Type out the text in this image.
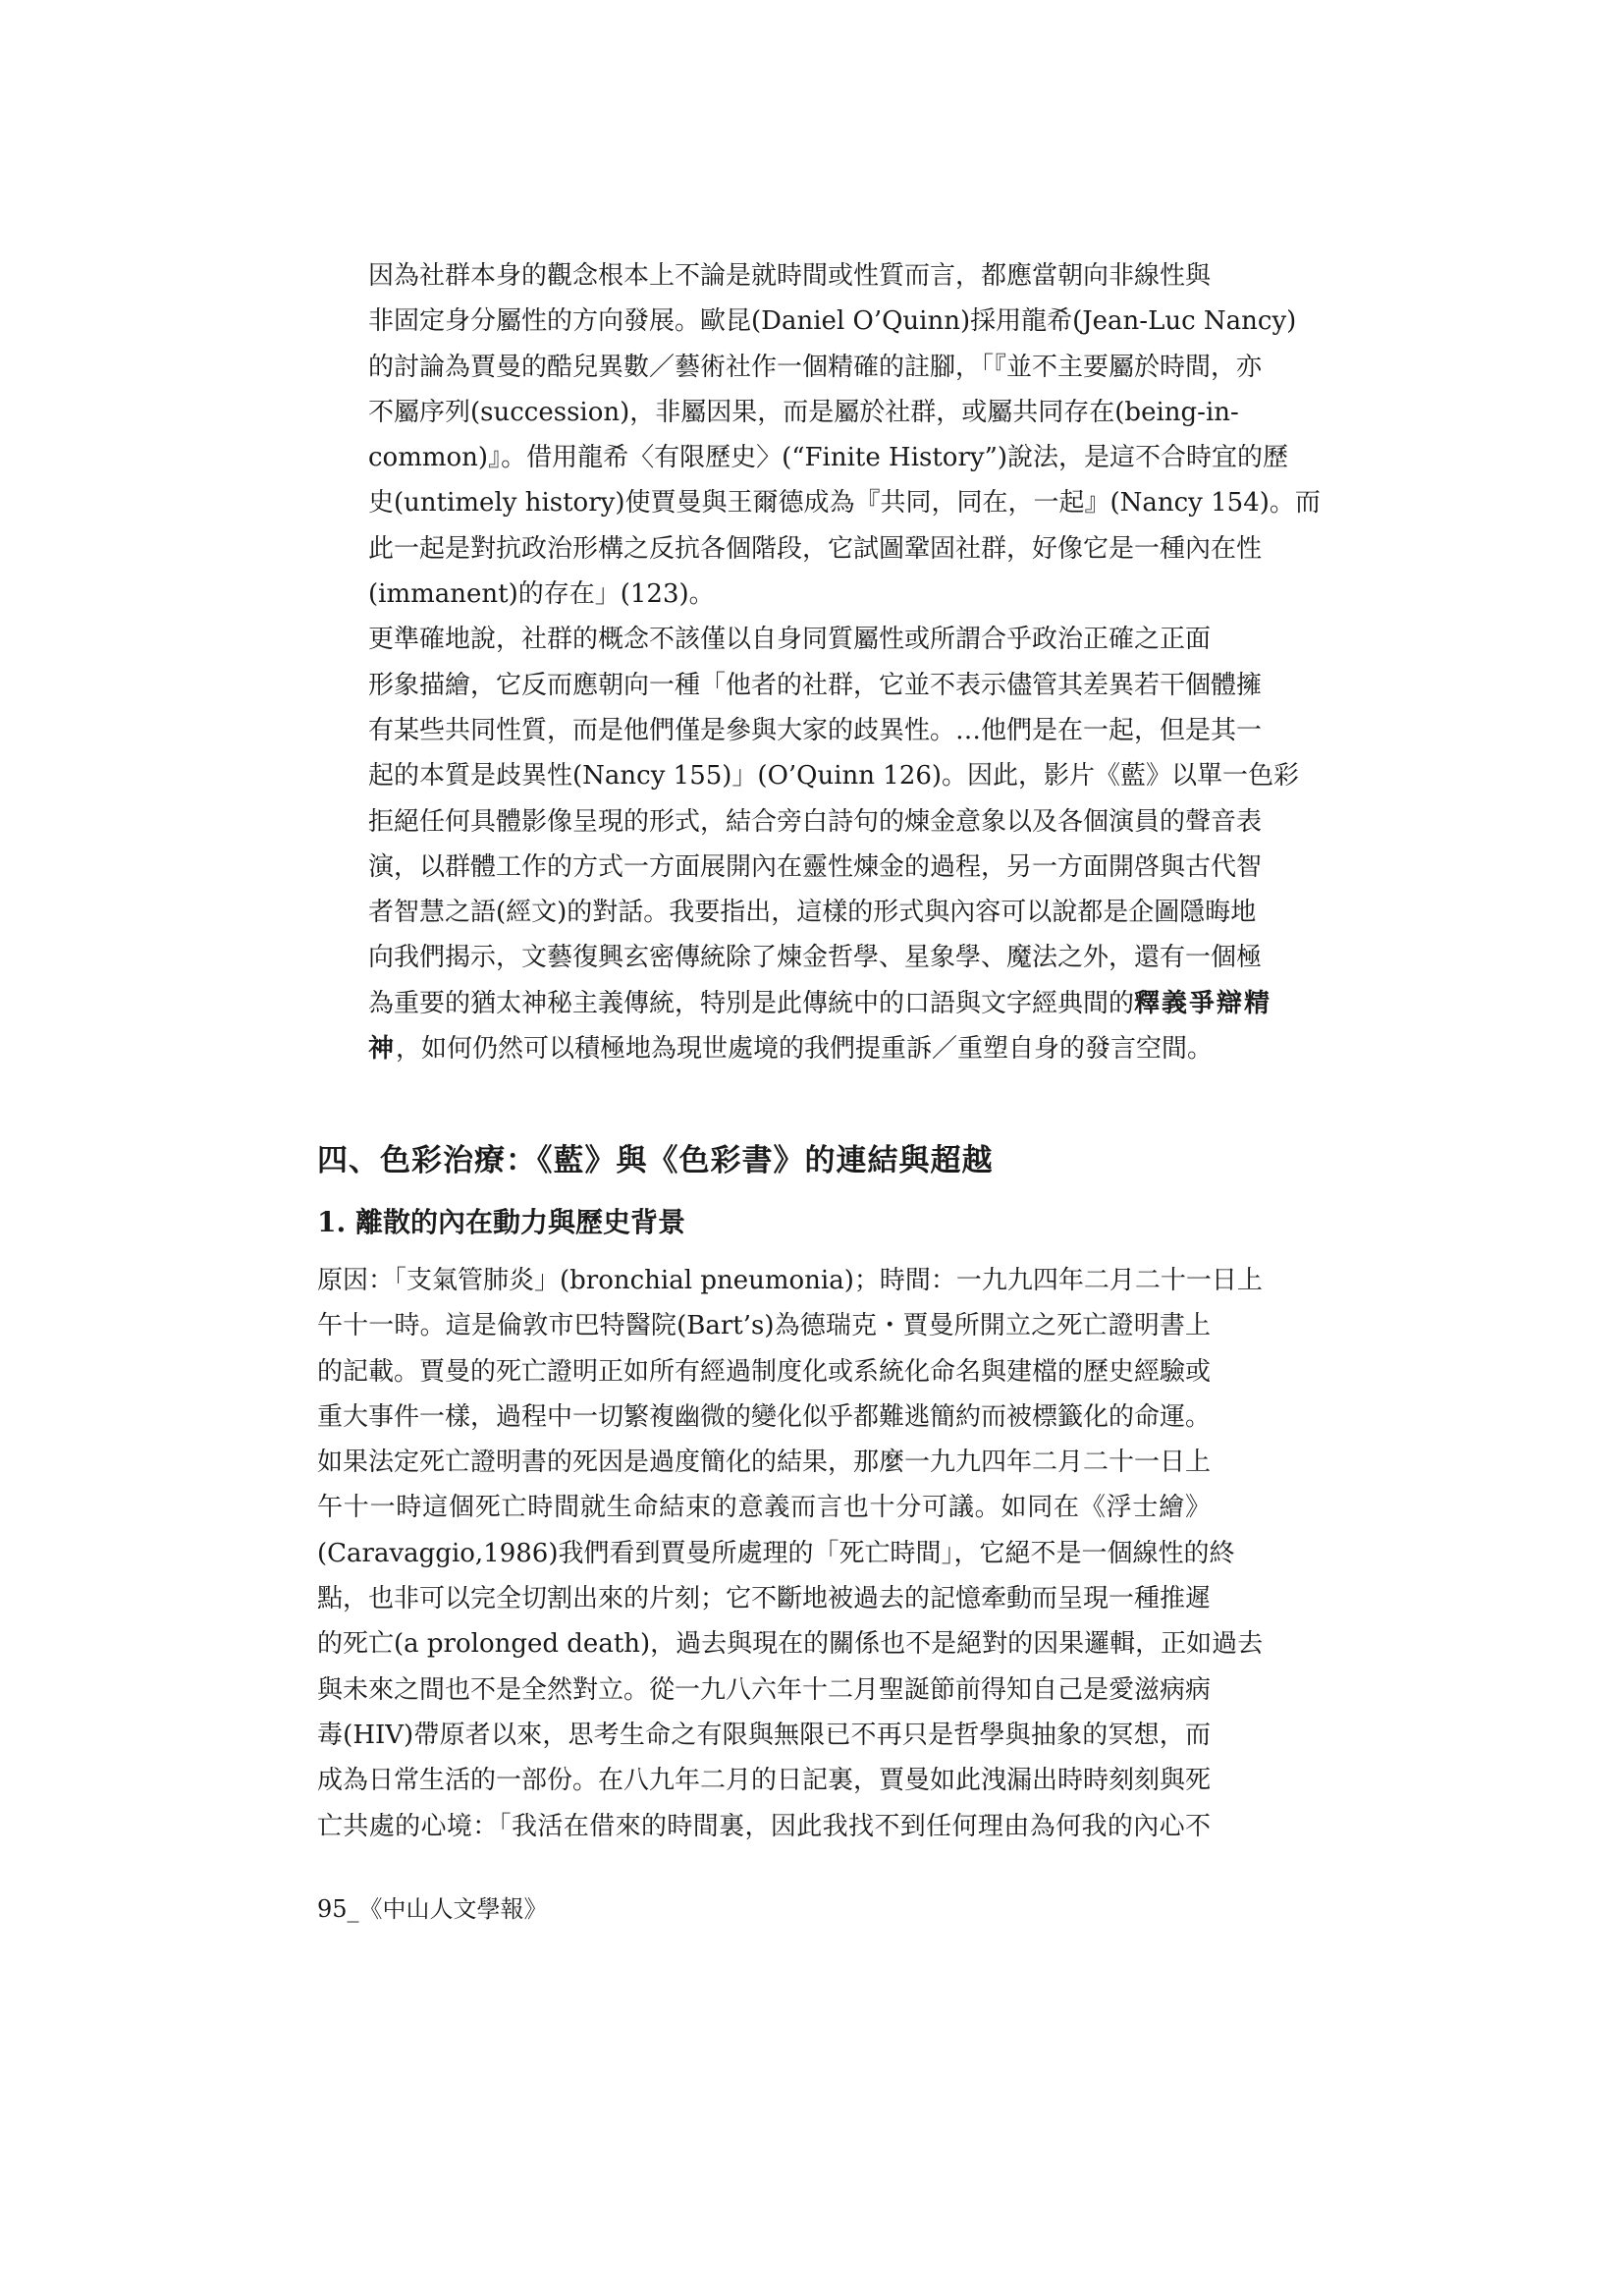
因為社群本身的觀念根本上不論是就時間或性質而言，都應當朝向非線性與
非固定身分屬性的方向發展。歐昆(Daniel O’Quinn)採用龍希(Jean-Luc Nancy)
的討論為賈曼的酷兒異數／藝術社作一個精確的註腳，「『並不主要屬於時間，亦
不屬序列(succession)，非屬因果，而是屬於社群，或屬共同存在(being-in-
common)』。借用龍希〈有限歷史〉(“Finite History”)說法，是這不合時宜的歷
史(untimely history)使賈曼與王爾德成為『共同，同在，一起』(Nancy 154)。而
此一起是對抗政治形構之反抗各個階段，它試圖鞏固社群，好像它是一種內在性
(immanent)的存在」(123)。

更準確地說，社群的概念不該僅以自身同質屬性或所謂合乎政治正確之正面
形象描繪，它反而應朝向一種「他者的社群，它並不表示儘管其差異若干個體擁
有某些共同性質，而是他們僅是參與大家的歧異性。…他們是在一起，但是其一
起的本質是歧異性(Nancy 155)」(O’Quinn 126)。因此，影片《藍》以單一色彩
拒絕任何具體影像呈現的形式，結合旁白詩句的煉金意象以及各個演員的聲音表
演，以群體工作的方式一方面展開內在靈性煉金的過程，另一方面開啓與古代智
者智慧之語(經文)的對話。我要指出，這樣的形式與內容可以說都是企圖隱晦地
向我們揭示，文藝復興玄密傳統除了煉金哲學、星象學、魔法之外，還有一個極
為重要的猶太神秘主義傳統，特別是此傳統中的口語與文字經典間的釋義爭辯精
神，如何仍然可以積極地為現世處境的我們提重訴／重塑自身的發言空間。

四、色彩治療：《藍》與《色彩書》的連結與超越
1. 離散的內在動力與歷史背景

原因：「支氣管肺炎」(bronchial pneumonia)；時間：一九九四年二月二十一日上
午十一時。這是倫敦市巴特醫院(Bart’s)為德瑞克・賈曼所開立之死亡證明書上
的記載。賈曼的死亡證明正如所有經過制度化或系統化命名與建檔的歷史經驗或
重大事件一樣，過程中一切繁複幽微的變化似乎都難逃簡約而被標籤化的命運。
如果法定死亡證明書的死因是過度簡化的結果，那麼一九九四年二月二十一日上
午十一時這個死亡時間就生命結束的意義而言也十分可議。如同在《浮士繪》
(Caravaggio,1986)我們看到賈曼所處理的「死亡時間」，它絕不是一個線性的終
點，也非可以完全切割出來的片刻；它不斷地被過去的記憶牽動而呈現一種推遲
的死亡(a prolonged death)，過去與現在的關係也不是絕對的因果邏輯，正如過去
與未來之間也不是全然對立。從一九八六年十二月聖誕節前得知自己是愛滋病病
毒(HIV)帶原者以來，思考生命之有限與無限已不再只是哲學與抽象的冥想，而
成為日常生活的一部份。在八九年二月的日記裏，賈曼如此洩漏出時時刻刻與死
亡共處的心境：「我活在借來的時間裏，因此我找不到任何理由為何我的內心不

95_《中山人文學報》
